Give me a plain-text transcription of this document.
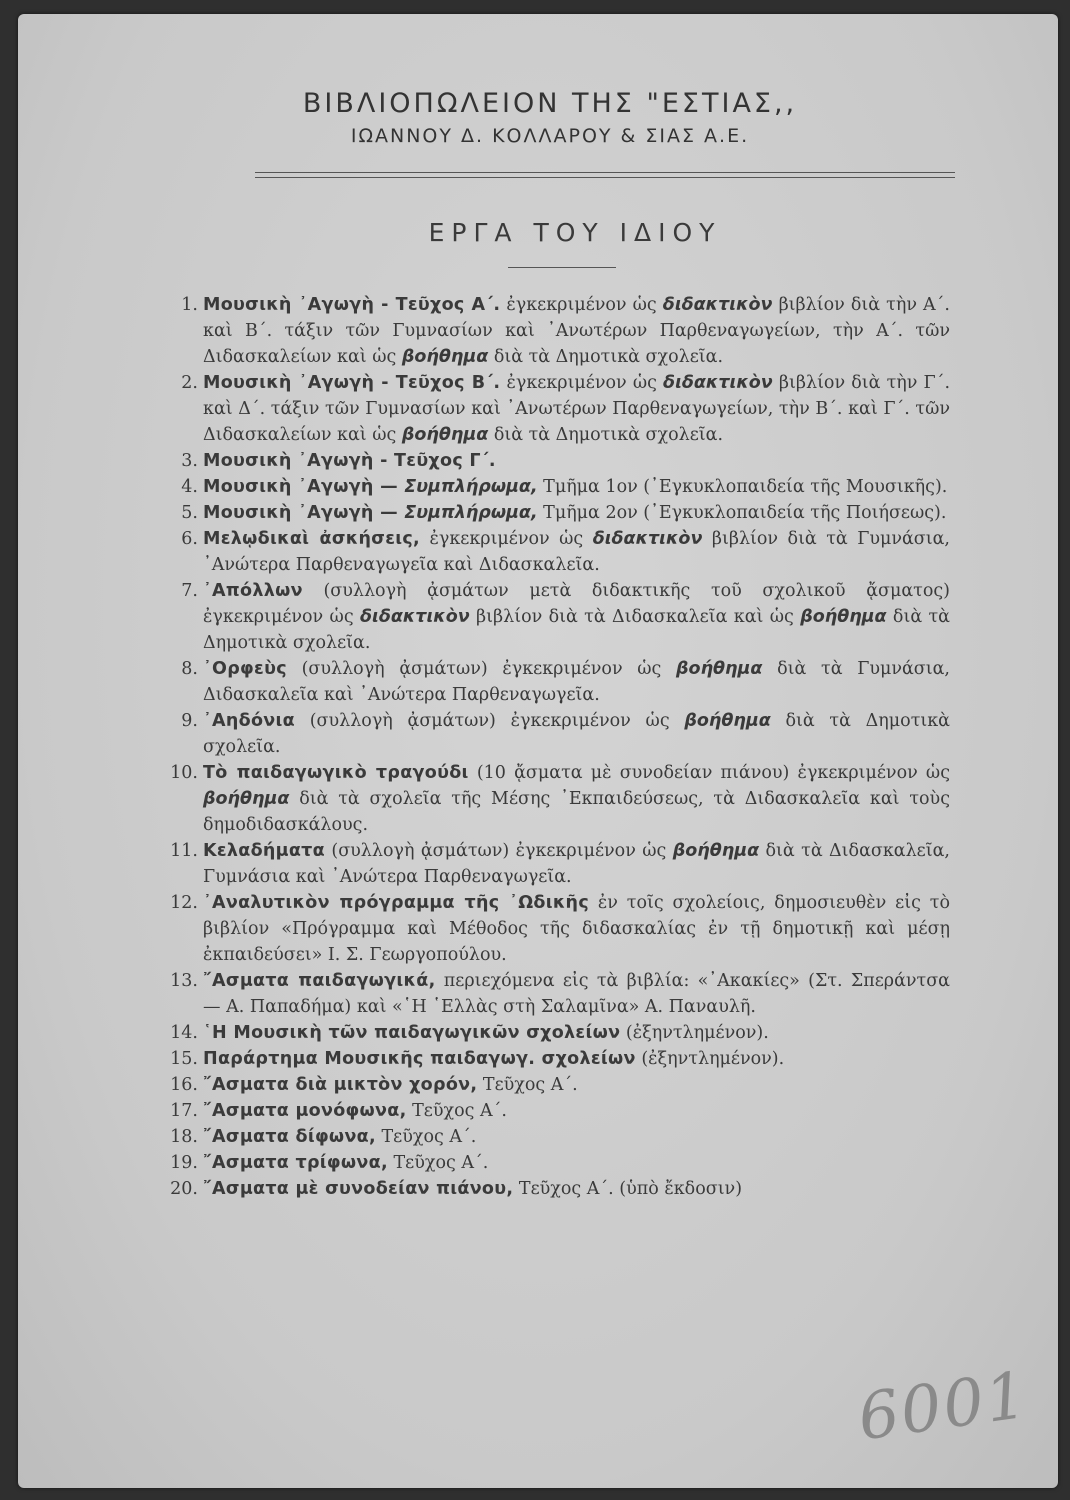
ΒΙΒΛΙΟΠΩΛΕΙΟΝ ΤΗΣ "ΕΣΤΙΑΣ,,
ΙΩΑΝΝΟΥ Δ. ΚΟΛΛΑΡΟΥ & ΣΙΑΣ Α.Ε.
ΕΡΓΑ ΤΟΥ ΙΔΙΟΥ
1. Μουσικὴ ᾿Αγωγὴ - Τεῦχος Α΄. ἐγκεκριμένον ὡς διδακτικὸν βιβλίον διὰ τὴν Α΄. καὶ Β΄. τάξιν τῶν Γυμνασίων καὶ ᾿Ανωτέρων Παρθεναγωγείων, τὴν Α΄. τῶν Διδασκαλείων καὶ ὡς βοήθημα διὰ τὰ Δημοτικὰ σχολεῖα.
2. Μουσικὴ ᾿Αγωγὴ - Τεῦχος Β΄. ἐγκεκριμένον ὡς διδακτικὸν βιβλίον διὰ τὴν Γ΄. καὶ Δ΄. τάξιν τῶν Γυμνασίων καὶ ᾿Ανωτέρων Παρθεναγωγείων, τὴν Β΄. καὶ Γ΄. τῶν Διδασκαλείων καὶ ὡς βοήθημα διὰ τὰ Δημοτικὰ σχολεῖα.
3. Μουσικὴ ᾿Αγωγὴ - Τεῦχος Γ΄.
4. Μουσικὴ ᾿Αγωγὴ — Συμπλήρωμα, Τμῆμα 1ον (᾿Εγκυκλοπαιδεία τῆς Μουσικῆς).
5. Μουσικὴ ᾿Αγωγὴ — Συμπλήρωμα, Τμῆμα 2ον (᾿Εγκυκλοπαιδεία τῆς Ποιήσεως).
6. Μελῳδικαὶ ἀσκήσεις, ἐγκεκριμένον ὡς διδακτικὸν βιβλίον διὰ τὰ Γυμνάσια, ᾿Ανώτερα Παρθεναγωγεῖα καὶ Διδασκαλεῖα.
7. ᾿Απόλλων (συλλογὴ ᾀσμάτων μετὰ διδακτικῆς τοῦ σχολικοῦ ᾄσματος) ἐγκεκριμένον ὡς διδακτικὸν βιβλίον διὰ τὰ Διδασκαλεῖα καὶ ὡς βοήθημα διὰ τὰ Δημοτικὰ σχολεῖα.
8. ᾿Ορφεὺς (συλλογὴ ᾀσμάτων) ἐγκεκριμένον ὡς βοήθημα διὰ τὰ Γυμνάσια, Διδασκαλεῖα καὶ ᾿Ανώτερα Παρθεναγωγεῖα.
9. ᾿Αηδόνια (συλλογὴ ᾀσμάτων) ἐγκεκριμένον ὡς βοήθημα διὰ τὰ Δημοτικὰ σχολεῖα.
10. Τὸ παιδαγωγικὸ τραγούδι (10 ᾄσματα μὲ συνοδείαν πιάνου) ἐγκεκριμένον ὡς βοήθημα διὰ τὰ σχολεῖα τῆς Μέσης ᾿Εκπαιδεύσεως, τὰ Διδασκαλεῖα καὶ τοὺς δημοδιδασκάλους.
11. Κελαδήματα (συλλογὴ ᾀσμάτων) ἐγκεκριμένον ὡς βοήθημα διὰ τὰ Διδασκαλεῖα, Γυμνάσια καὶ ᾿Ανώτερα Παρθεναγωγεῖα.
12. ᾿Αναλυτικὸν πρόγραμμα τῆς ᾿Ωδικῆς ἐν τοῖς σχολείοις, δημοσιευθὲν εἰς τὸ βιβλίον «Πρόγραμμα καὶ Μέθοδος τῆς διδασκαλίας ἐν τῇ δημοτικῇ καὶ μέσῃ ἐκπαιδεύσει» Ι. Σ. Γεωργοπούλου.
13. ῎Ασματα παιδαγωγικά, περιεχόμενα εἰς τὰ βιβλία: «᾿Ακακίες» (Στ. Σπεράντσα — Α. Παπαδήμα) καὶ «῾Η ῾Ελλὰς στὴ Σαλαμῖνα» Α. Παναυλῆ.
14. ῾Η Μουσικὴ τῶν παιδαγωγικῶν σχολείων (ἐξηντλημένον).
15. Παράρτημα Μουσικῆς παιδαγωγ. σχολείων (ἐξηντλημένον).
16. ῎Ασματα διὰ μικτὸν χορόν, Τεῦχος Α΄.
17. ῎Ασματα μονόφωνα, Τεῦχος Α΄.
18. ῎Ασματα δίφωνα, Τεῦχος Α΄.
19. ῎Ασματα τρίφωνα, Τεῦχος Α΄.
20. ῎Ασματα μὲ συνοδείαν πιάνου, Τεῦχος Α΄. (ὑπὸ ἔκδοσιν)
6001
